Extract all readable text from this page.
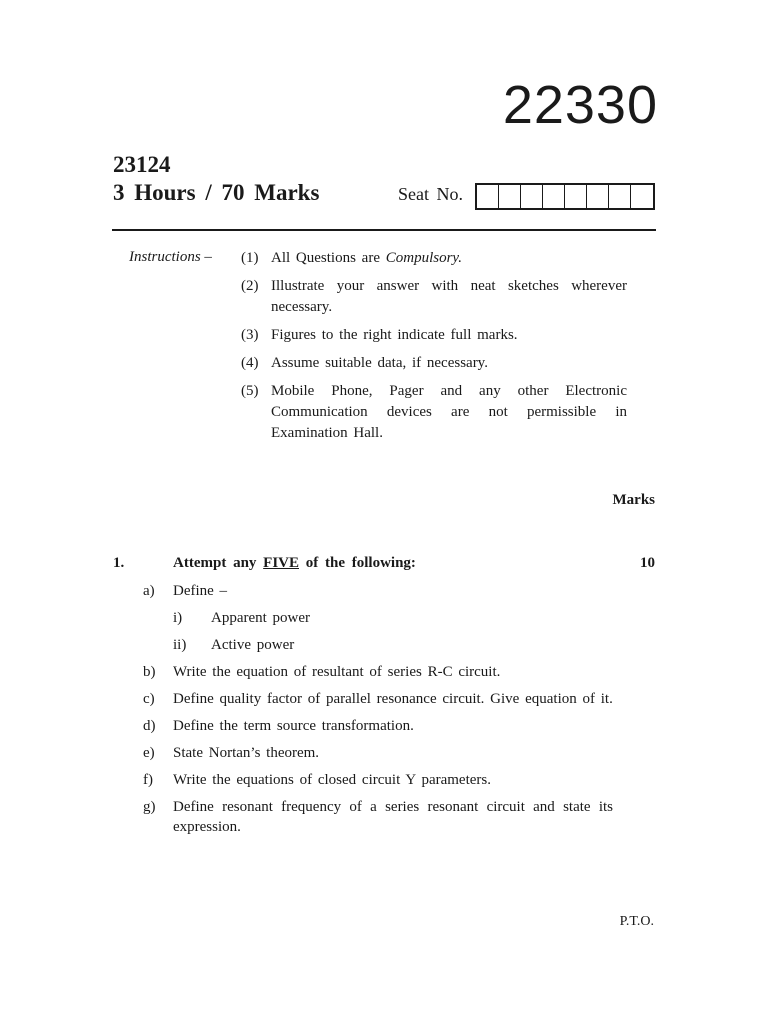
22330
23124
3 Hours / 70 Marks	Seat No.
Instructions – (1) All Questions are Compulsory.
(2) Illustrate your answer with neat sketches wherever necessary.
(3) Figures to the right indicate full marks.
(4) Assume suitable data, if necessary.
(5) Mobile Phone, Pager and any other Electronic Communication devices are not permissible in Examination Hall.
Marks
1.	Attempt any FIVE of the following:	10
a)	Define –
i)	Apparent power
ii)	Active power
b)	Write the equation of resultant of series R-C circuit.
c)	Define quality factor of parallel resonance circuit. Give equation of it.
d)	Define the term source transformation.
e)	State Nortan’s theorem.
f)	Write the equations of closed circuit Y parameters.
g)	Define resonant frequency of a series resonant circuit and state its expression.
P.T.O.
